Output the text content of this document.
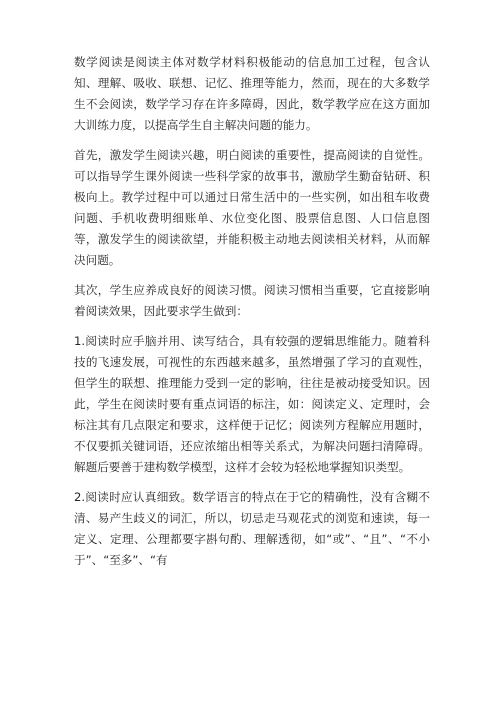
数学阅读是阅读主体对数学材料积极能动的信息加工过程，包含认知、理解、吸收、联想、记忆、推理等能力，然而，现在的大多数学生不会阅读，数学学习存在许多障碍，因此，数学教学应在这方面加大训练力度，以提高学生自主解决问题的能力。

首先，激发学生阅读兴趣，明白阅读的重要性，提高阅读的自觉性。可以指导学生课外阅读一些科学家的故事书，激励学生勤奋钻研、积极向上。教学过程中可以通过日常生活中的一些实例，如出租车收费问题、手机收费明细账单、水位变化图、股票信息图、人口信息图等，激发学生的阅读欲望，并能积极主动地去阅读相关材料，从而解决问题。

其次，学生应养成良好的阅读习惯。阅读习惯相当重要，它直接影响着阅读效果，因此要求学生做到：

1.阅读时应手脑并用、读写结合，具有较强的逻辑思维能力。随着科技的飞速发展，可视性的东西越来越多，虽然增强了学习的直观性，但学生的联想、推理能力受到一定的影响，往往是被动接受知识。因此，学生在阅读时要有重点词语的标注，如：阅读定义、定理时，会标注其有几点限定和要求，这样便于记忆；阅读列方程解应用题时，不仅要抓关键词语，还应浓缩出相等关系式，为解决问题扫清障碍。解题后要善于建构数学模型，这样才会较为轻松地掌握知识类型。

2.阅读时应认真细致。数学语言的特点在于它的精确性，没有含糊不清、易产生歧义的词汇，所以，切忌走马观花式的浏览和速读，每一定义、定理、公理都要字斟句酌、理解透彻，如“或”、“且”、“不小于”、“至多”、“有
